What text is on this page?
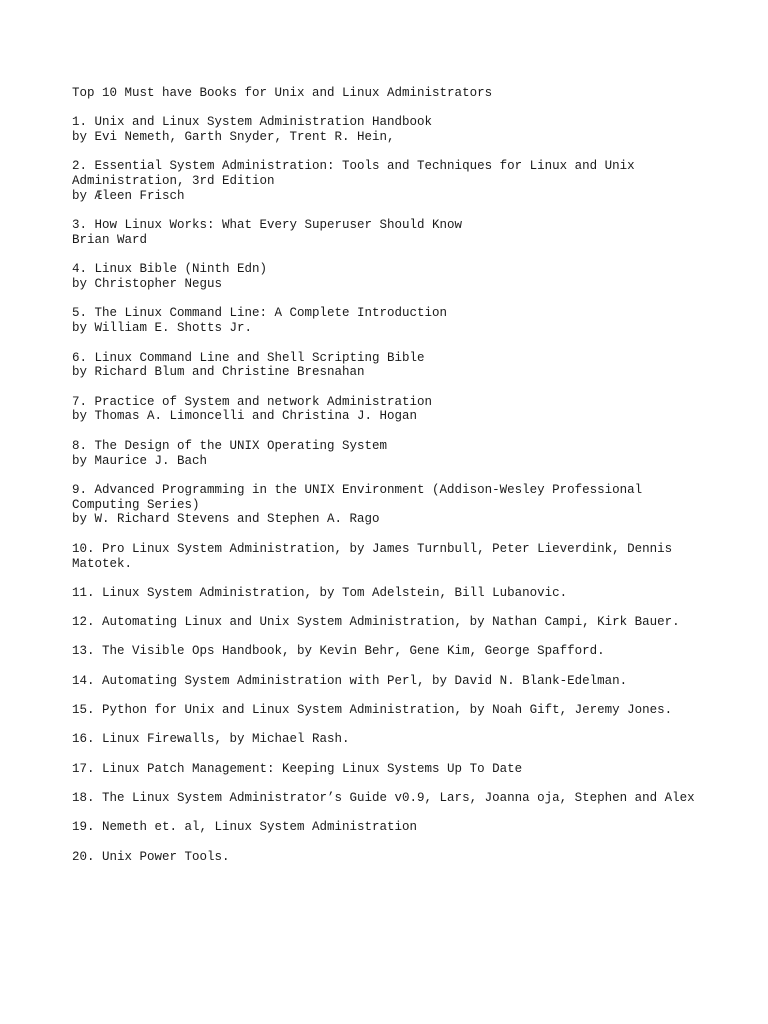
Top 10 Must have Books for Unix and Linux Administrators
1. Unix and Linux System Administration Handbook
by Evi Nemeth, Garth Snyder, Trent R. Hein,
2. Essential System Administration: Tools and Techniques for Linux and Unix
Administration, 3rd Edition
by Æleen Frisch
3. How Linux Works: What Every Superuser Should Know
Brian Ward
4. Linux Bible (Ninth Edn)
by Christopher Negus
5. The Linux Command Line: A Complete Introduction
by William E. Shotts Jr.
6. Linux Command Line and Shell Scripting Bible
by Richard Blum and Christine Bresnahan
7. Practice of System and network Administration
by Thomas A. Limoncelli and Christina J. Hogan
8. The Design of the UNIX Operating System
by Maurice J. Bach
9. Advanced Programming in the UNIX Environment (Addison-Wesley Professional
Computing Series)
by W. Richard Stevens and Stephen A. Rago
10. Pro Linux System Administration, by James Turnbull, Peter Lieverdink, Dennis
Matotek.
11. Linux System Administration, by Tom Adelstein, Bill Lubanovic.
12. Automating Linux and Unix System Administration, by Nathan Campi, Kirk Bauer.
13. The Visible Ops Handbook, by Kevin Behr, Gene Kim, George Spafford.
14. Automating System Administration with Perl, by David N. Blank-Edelman.
15. Python for Unix and Linux System Administration, by Noah Gift, Jeremy Jones.
16. Linux Firewalls, by Michael Rash.
17. Linux Patch Management: Keeping Linux Systems Up To Date
18. The Linux System Administrator’s Guide v0.9, Lars, Joanna oja, Stephen and Alex
19. Nemeth et. al, Linux System Administration
20. Unix Power Tools.
